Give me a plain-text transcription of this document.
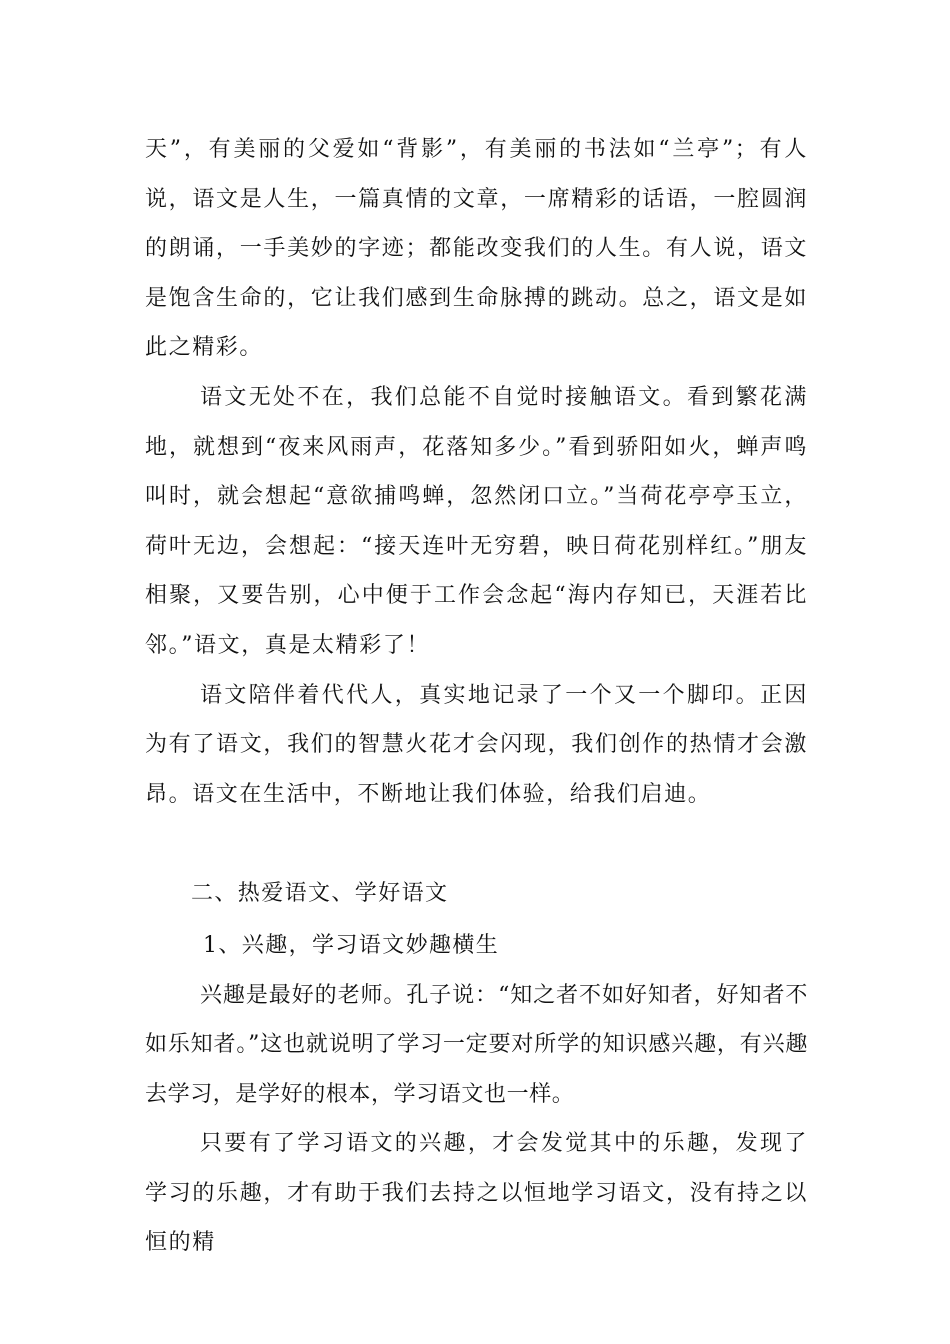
天”，有美丽的父爱如“背影”，有美丽的书法如“兰亭”；有人说，语文是人生，一篇真情的文章，一席精彩的话语，一腔圆润的朗诵，一手美妙的字迹；都能改变我们的人生。有人说，语文是饱含生命的，它让我们感到生命脉搏的跳动。总之，语文是如此之精彩。

语文无处不在，我们总能不自觉时接触语文。看到繁花满地，就想到“夜来风雨声，花落知多少。”看到骄阳如火，蝉声鸣叫时，就会想起“意欲捕鸣蝉，忽然闭口立。”当荷花亭亭玉立，荷叶无边，会想起：“接天连叶无穷碧，映日荷花别样红。”朋友相聚，又要告别，心中便于工作会念起“海内存知已，天涯若比邻。”语文，真是太精彩了！

语文陪伴着代代人，真实地记录了一个又一个脚印。正因为有了语文，我们的智慧火花才会闪现，我们创作的热情才会激昂。语文在生活中，不断地让我们体验，给我们启迪。

二、热爱语文、学好语文

1、兴趣，学习语文妙趣横生

兴趣是最好的老师。孔子说：“知之者不如好知者，好知者不如乐知者。”这也就说明了学习一定要对所学的知识感兴趣，有兴趣去学习，是学好的根本，学习语文也一样。

只要有了学习语文的兴趣，才会发觉其中的乐趣，发现了学习的乐趣，才有助于我们去持之以恒地学习语文，没有持之以恒的精
